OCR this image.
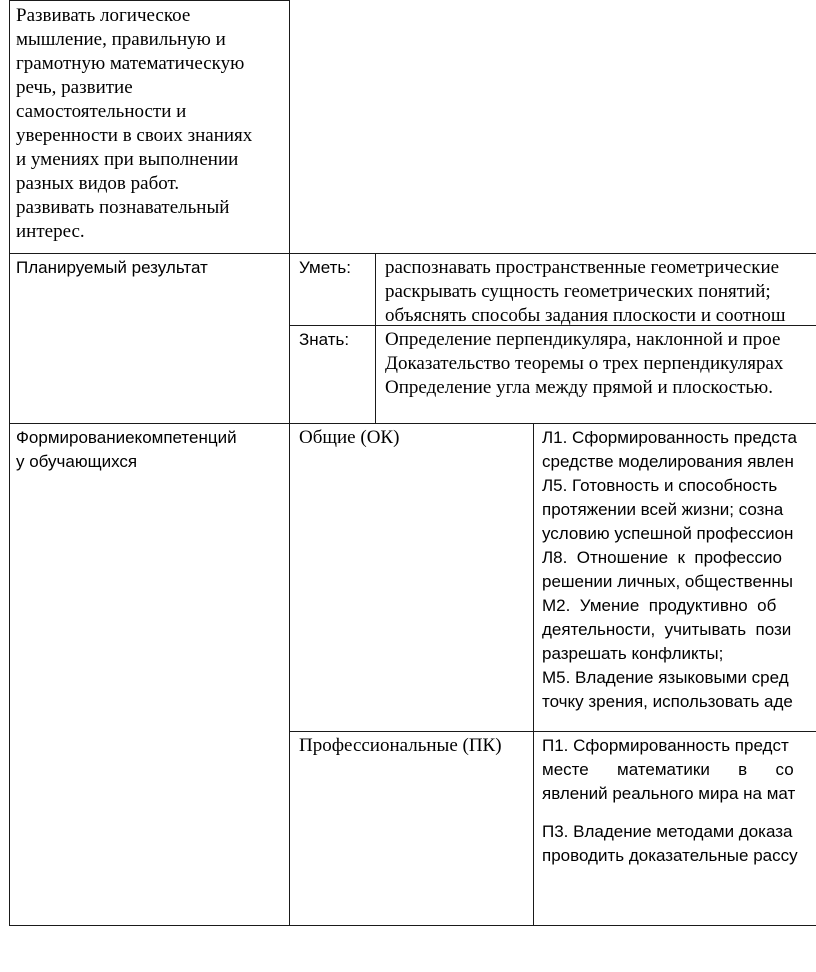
Развивать логическое
мышление, правильную и
грамотную математическую
речь, развитие
самостоятельности и
уверенности в своих знаниях
и умениях при выполнении
разных видов работ.
развивать познавательный
интерес.
Планируемый результат	Уметь: распознавать пространственные геометрические
раскрывать сущность геометрических понятий;
объяснять способы задания плоскости и соотнош
Знать: Определение перпендикуляра, наклонной и прое
Доказательство теоремы о трех перпендикулярах
Определение угла между прямой и плоскостью.
Формированиекомпетенций
у обучающихся
Общие (ОК)	Л1. Сформированность предста
средстве моделирования явлен
Л5. Готовность и способность
протяжении всей жизни; созна
условию успешной профессион
Л8.  Отношение  к  профессио
решении личных, общественны
М2.  Умение  продуктивно  об
деятельности,  учитывать  пози
разрешать конфликты;
М5. Владение языковыми сред
точку зрения, использовать аде
Профессиональные (ПК) П1. Сформированность предст
месте      математики      в      со
явлений реального мира на мат
П3. Владение методами доказа
проводить доказательные рассу
